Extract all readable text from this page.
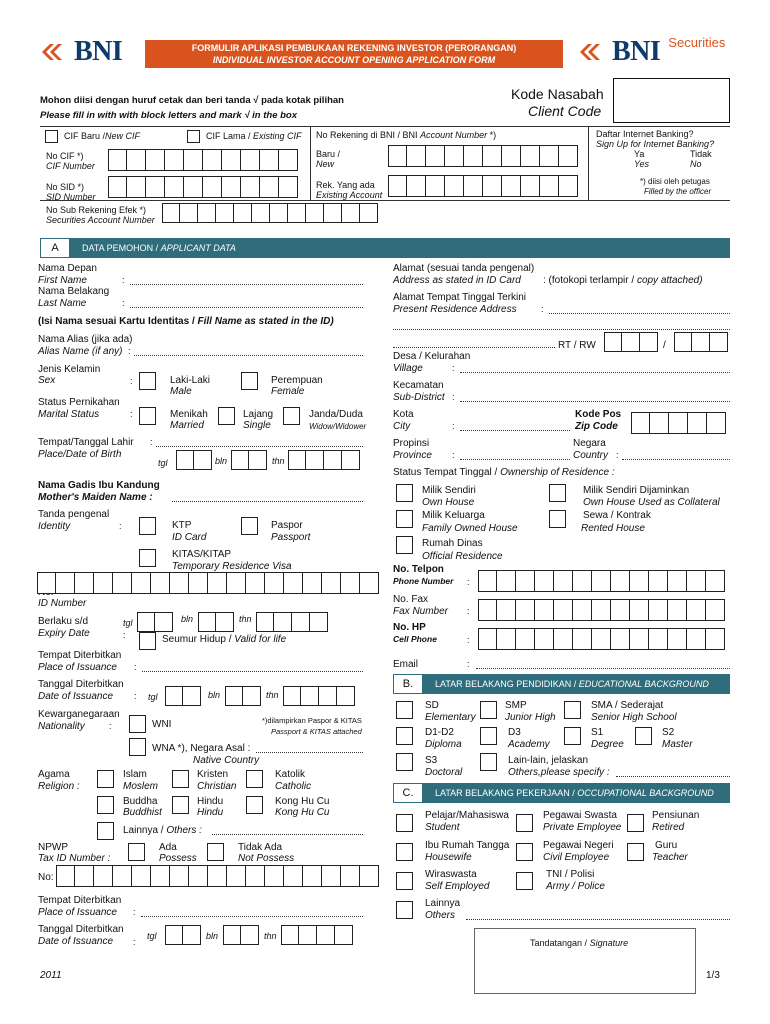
BNI	FORMULIR APLIKASI PEMBUKAAN REKENING INVESTOR (PERORANGAN)
INDIVIDUAL INVESTOR ACCOUNT OPENING APPLICATION FORM	BNI Securities
Mohon diisi dengan huruf cetak dan beri tanda √ pada kotak pilihan
Please fill in with with block letters and mark √ in the box
Kode Nasabah
Client Code
CIF Baru /New CIF	CIF Lama / Existing CIF
No CIF *)
CIF Number
No SID *)
SID Number
No Sub Rekening Efek *)
Securities Account Number
No Rekening di BNI / BNI Account Number *)
Baru /
New
Rek. Yang ada
Existing Account
Daftar Internet Banking?
Sign Up for Internet Banking?
Ya
Yes
Tidak
No
*) diisi oleh petugas
Filled by the officer
A	DATA PEMOHON / APPLICANT DATA
Nama Depan
First Name	:
Nama Belakang
Last Name	:
(Isi Nama sesuai Kartu Identitas / Fill Name as stated in the ID)
Nama Alias (jika ada)
Alias Name (if any) :
Jenis Kelamin
Sex	:	Laki-Laki
Male
Perempuan
Female
Status Pernikahan
Marital Status	:	Menikah
Married
Lajang
Single
Janda/Duda
Widow/Widower
Tempat/Tanggal Lahir
Place/Date of Birth
:
tgl	bln	thn
Nama Gadis Ibu Kandung
Mother's Maiden Name :
Tanda pengenal
Identity	:	KTP
ID Card
Paspor
Passport
KITAS/KITAP
Temporary Residence Visa
ID Number
Berlaku s/d
Expiry Date
tgl
:
bln	thn
Seumur Hidup / Valid for life
Tempat Diterbitkan
Place of Issuance :
Tanggal Diterbitkan
Date of Issuance : tgl	bln	thn
Kewarganegaraan
Nationality	:	WNI	*)dilampirkan Paspor & KITAS
Passport & KITAS attached
WNA *), Negara Asal :
Native Country
Agama
Religion :
Islam
Moslem
Kristen
Christian
Katolik
Catholic
Buddha
Buddhist
Hindu
Hindu
Kong Hu Cu
Kong Hu Cu
Lainnya / Others :
NPWP
Tax ID Number :
Ada
Possess
Tidak Ada
Not Possess
No:
Tempat Diterbitkan
Place of Issuance :
Tanggal Diterbitkan
Date of Issuance :
tgl	bln	thn
Alamat (sesuai tanda pengenal)
Address as stated in ID Card : (fotokopi terlampir / copy attached)
Alamat Tempat Tinggal Terkini
Present Residence Address	:
RT / RW	/
Desa / Kelurahan
Village	:
Kecamatan
Sub-District :
Kota
City	:
Kode Pos
Zip Code
Propinsi
Province :
Negara
Country :
Status Tempat Tinggal / Ownership of Residence :
Milik Sendiri
Own House
Milik Sendiri Dijaminkan
Own House Used as Collateral
Milik Keluarga
Family Owned House
Sewa / Kontrak
Rented House
Rumah Dinas
Official Residence
No. Telpon
Phone Number :
No. Fax
Fax Number :
No. HP
Cell Phone	:
Email	:
B.	LATAR BELAKANG PENDIDIKAN / EDUCATIONAL BACKGROUND
SD
Elementary
SMP
Junior High
SMA / Sederajat
Senior High School
D1-D2
Diploma
D3
Academy
S1
Degree
S2
Master
S3
Doctoral
Lain-lain, jelaskan
Others,please specify :
C.	LATAR BELAKANG PEKERJAAN / OCCUPATIONAL BACKGROUND
Pelajar/Mahasiswa
Student
Pegawai Swasta
Private Employee
Pensiunan
Retired
Ibu Rumah Tangga
Housewife
Pegawai Negeri
Civil Employee
Guru
Teacher
Wiraswasta
Self Employed
TNI / Polisi
Army / Police
Lainnya
Others
Tandatangan / Signature
2011	1/3
